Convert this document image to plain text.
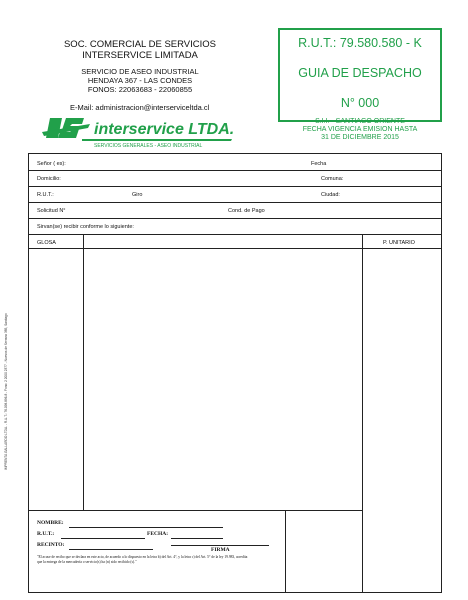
SOC. COMERCIAL DE SERVICIOS
INTERSERVICE LIMITADA
SERVICIO DE ASEO INDUSTRIAL
HENDAYA 367 - LAS CONDES
FONOS: 22063683 - 22060855
E-Mail: administracion@interserviceltda.cl
interservice LTDA.
SERVICIOS GENERALES - ASEO INDUSTRIAL
R.U.T.: 79.580.580 - K
GUIA DE DESPACHO
N° 000
S.I.I. - SANTIAGO ORIENTE
FECHA VIGENCIA EMISION HASTA
31 DE DICIEMBRE 2015
Señor ( es):	Fecha
Domicilio:	Comuna:
R.U.T.:	Giro	Ciudad:
Solicitud N°	Cond. de Pago
Sirvan(se) recibir conforme lo siguiente:
GLOSA	P. UNITARIO
NOMBRE:
R.U.T.:	FECHA:
RECINTO:
FIRMA
"El acuse de recibo que se declara en este acto, de acuerdo a lo dispuesto en la letra b) del Art. 4°, y la letra c) del Art. 5° de la ley 19.983, acredita
que la entrega de la mercadería o servicio(s) ha (n) sido recibido (s)."
IMPRENTA GALLARDO LTDA. - R.U.T.: 76.098.896-8 - Fono: 2 2000 2377 - Nuevos de Serrano 385, Santiago
